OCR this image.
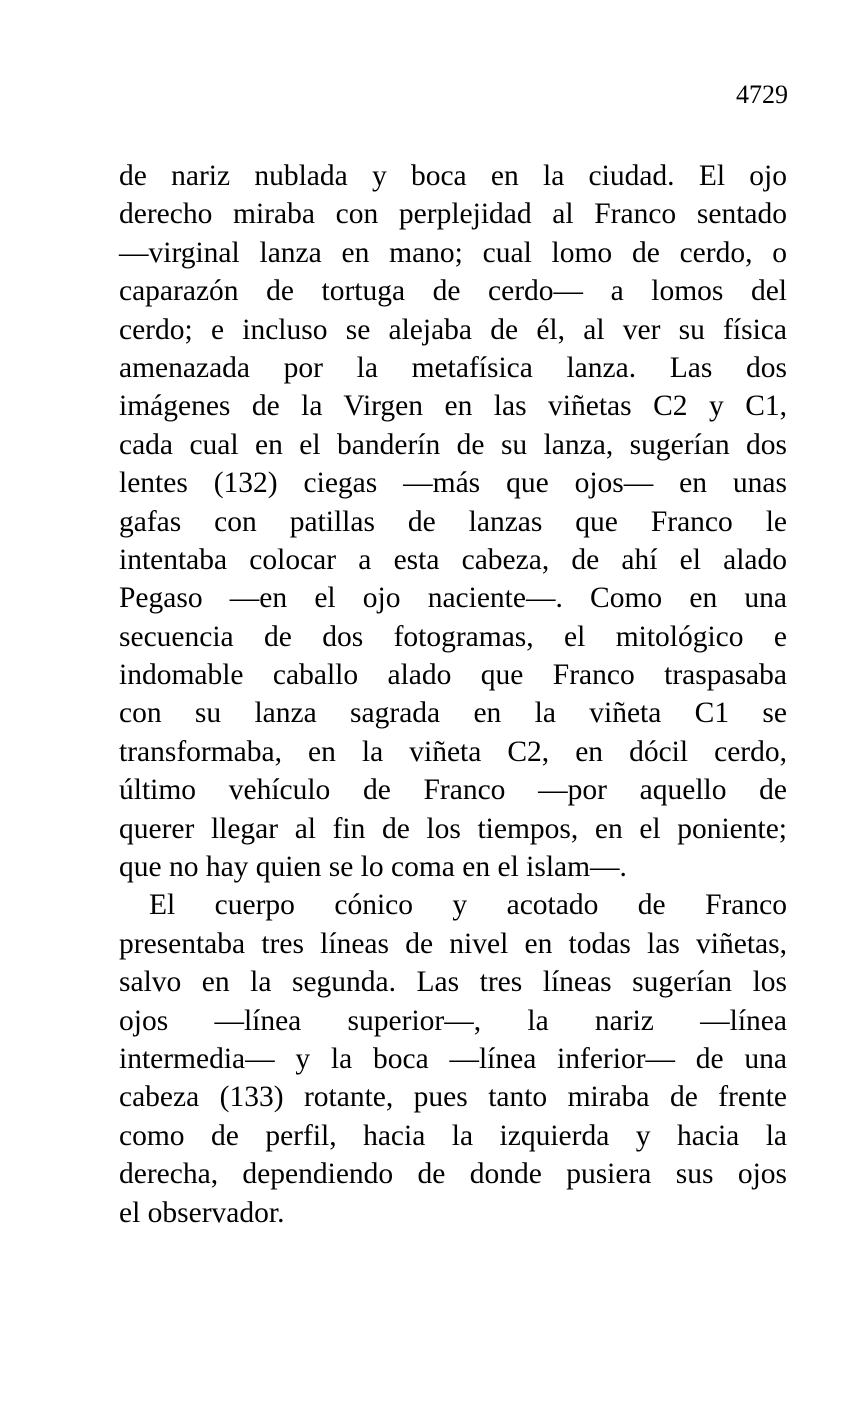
4729
de nariz nublada y boca en la ciudad. El ojo
derecho miraba con perplejidad al Franco sentado
—virginal lanza en mano; cual lomo de cerdo, o
caparazón de tortuga de cerdo— a lomos del
cerdo; e incluso se alejaba de él, al ver su física
amenazada por la metafísica lanza. Las dos
imágenes de la Virgen en las viñetas C2 y C1,
cada cual en el banderín de su lanza, sugerían dos
lentes (132) ciegas —más que ojos— en unas
gafas con patillas de lanzas que Franco le
intentaba colocar a esta cabeza, de ahí el alado
Pegaso —en el ojo naciente—. Como en una
secuencia de dos fotogramas, el mitológico e
indomable caballo alado que Franco traspasaba
con su lanza sagrada en la viñeta C1 se
transformaba, en la viñeta C2, en dócil cerdo,
último vehículo de Franco —por aquello de
querer llegar al fin de los tiempos, en el poniente;
que no hay quien se lo coma en el islam—.
El cuerpo cónico y acotado de Franco
presentaba tres líneas de nivel en todas las viñetas,
salvo en la segunda. Las tres líneas sugerían los
ojos —línea superior—, la nariz —línea
intermedia— y la boca —línea inferior— de una
cabeza (133) rotante, pues tanto miraba de frente
como de perfil, hacia la izquierda y hacia la
derecha, dependiendo de donde pusiera sus ojos
el observador.
